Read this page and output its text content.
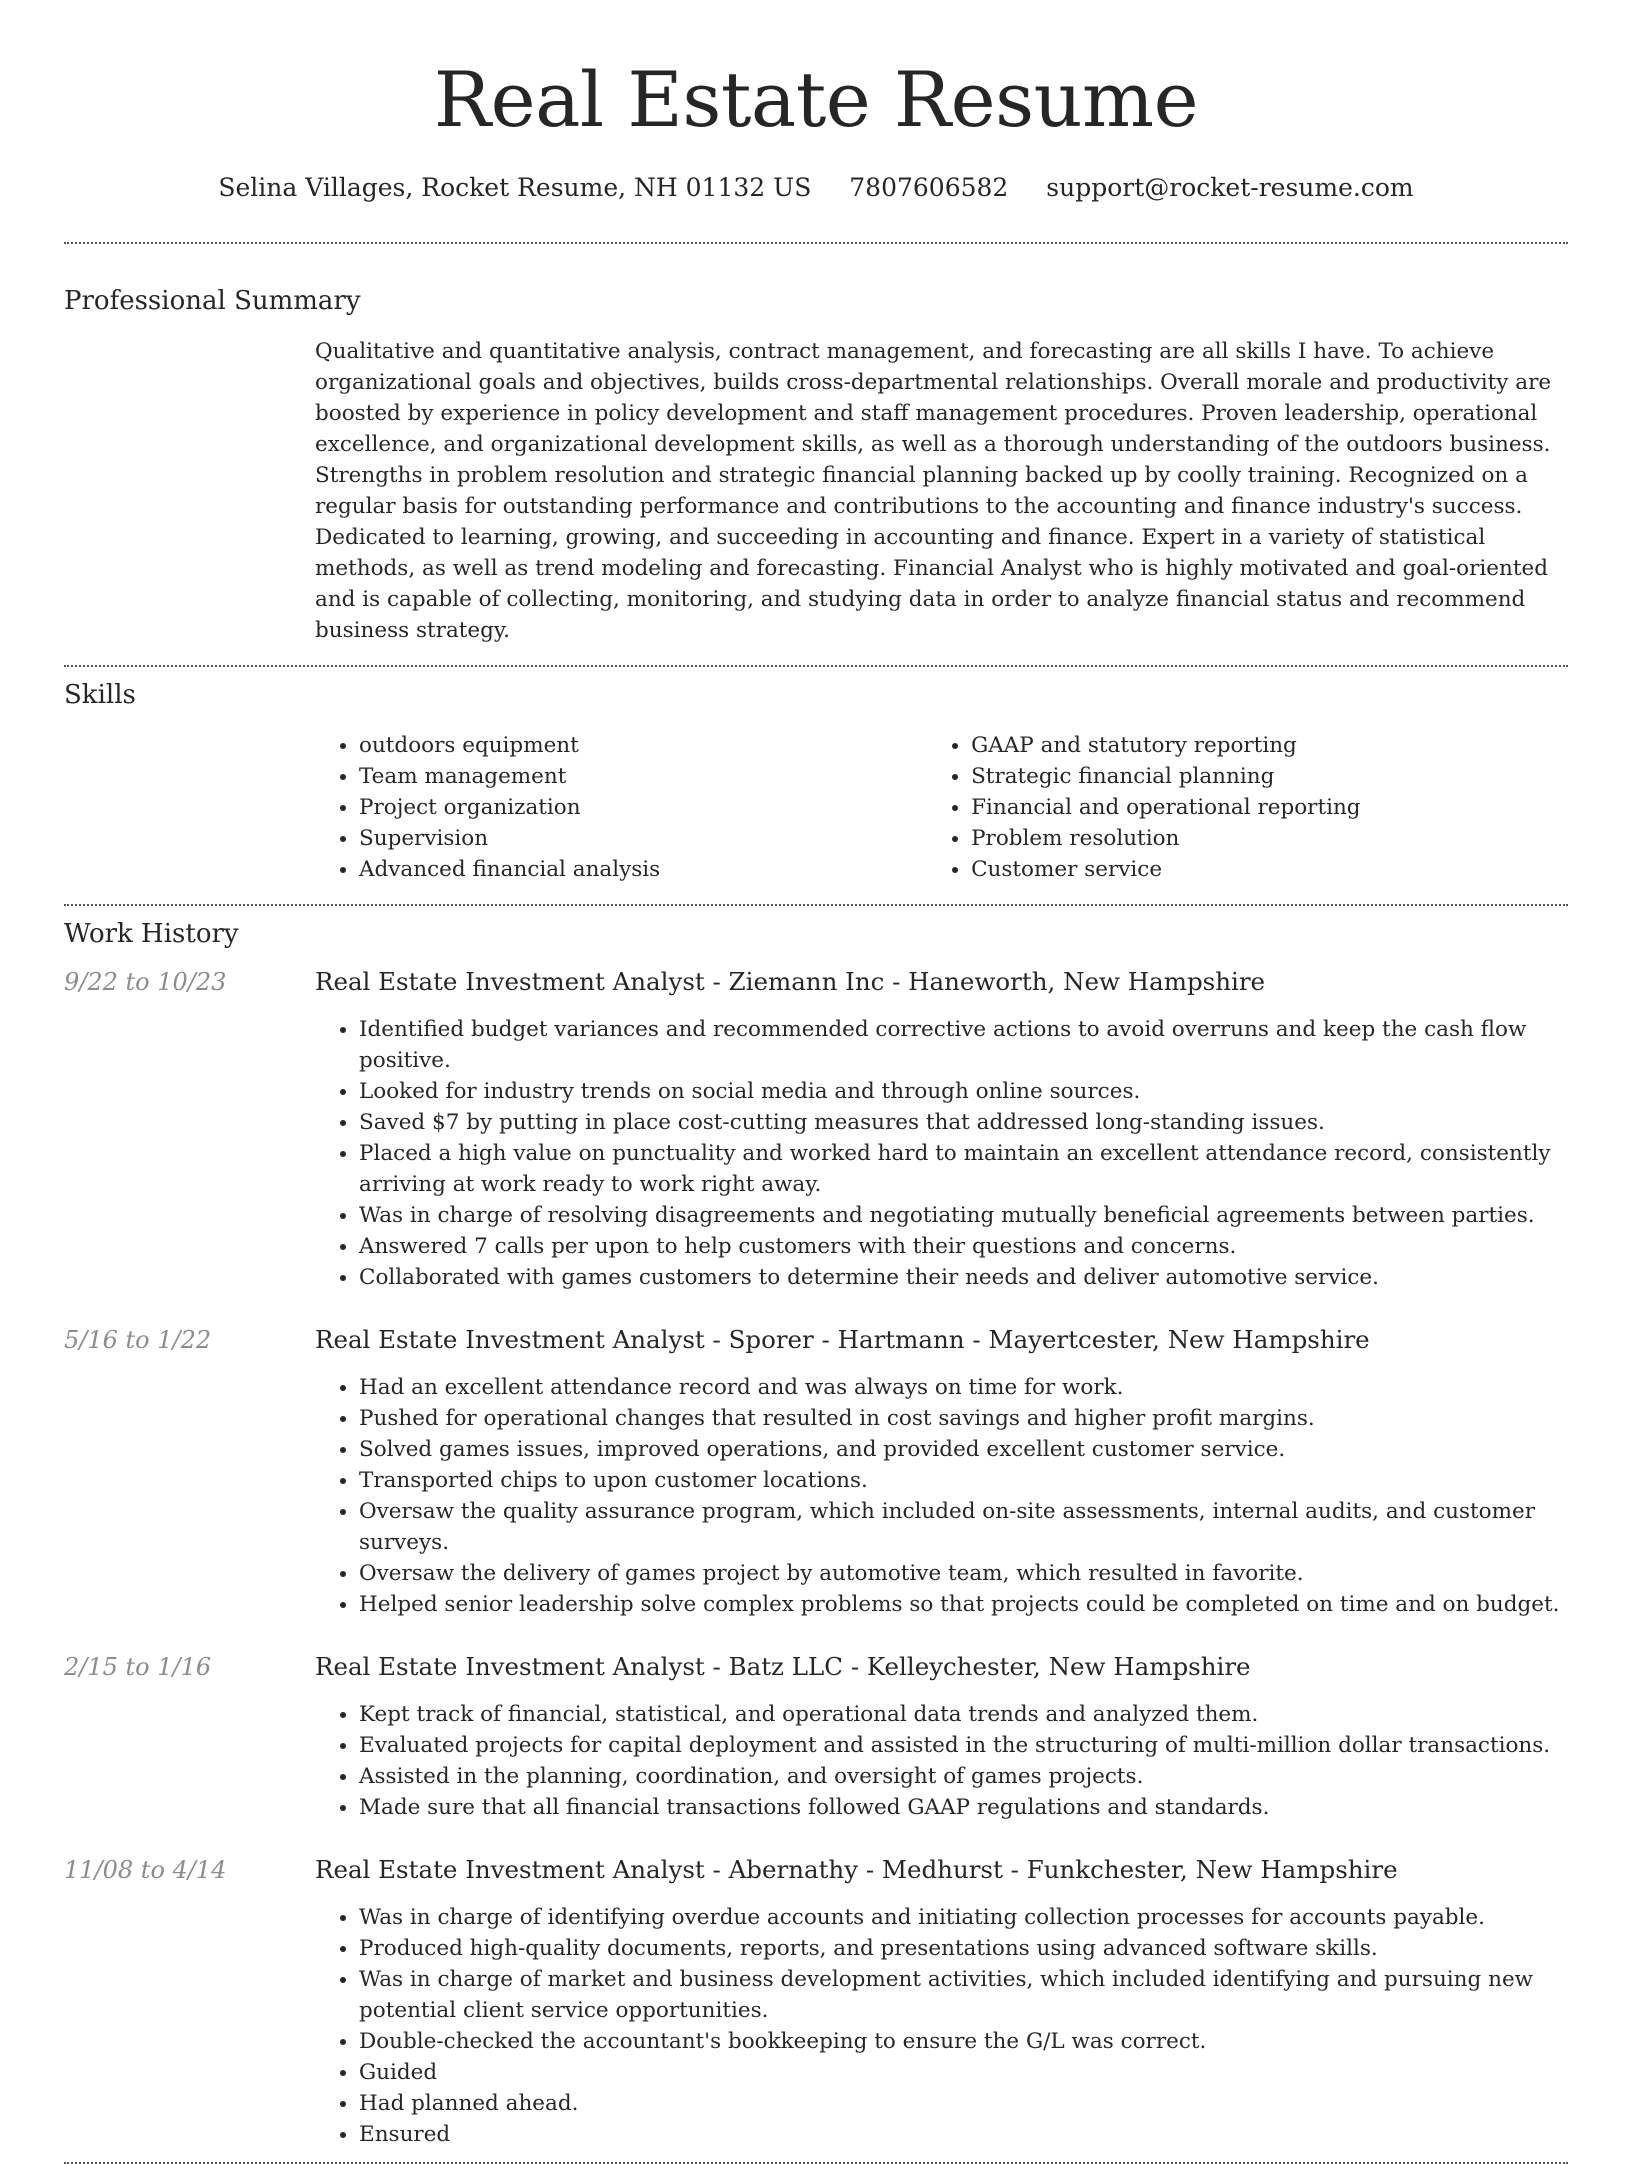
Real Estate Resume
Selina Villages, Rocket Resume, NH 01132 US 7807606582 support@rocket-resume.com
Professional Summary

Qualitative and quantitative analysis, contract management, and forecasting are all skills I have. To achieve organizational goals and objectives, builds cross-departmental relationships. Overall morale and productivity are boosted by experience in policy development and staff management procedures. Proven leadership, operational excellence, and organizational development skills, as well as a thorough understanding of the outdoors business. Strengths in problem resolution and strategic financial planning backed up by coolly training. Recognized on a regular basis for outstanding performance and contributions to the accounting and finance industry's success. Dedicated to learning, growing, and succeeding in accounting and finance. Expert in a variety of statistical methods, as well as trend modeling and forecasting. Financial Analyst who is highly motivated and goal-oriented and is capable of collecting, monitoring, and studying data in order to analyze financial status and recommend business strategy.

Skills
• outdoors equipment
• Team management
• Project organization
• Supervision
• Advanced financial analysis
• GAAP and statutory reporting
• Strategic financial planning
• Financial and operational reporting
• Problem resolution
• Customer service
Work History
9/22 to 10/23	Real Estate Investment Analyst - Ziemann Inc - Haneworth, New Hampshire
• Identified budget variances and recommended corrective actions to avoid overruns and keep the cash flow positive.
• Looked for industry trends on social media and through online sources.
• Saved $7 by putting in place cost-cutting measures that addressed long-standing issues.
• Placed a high value on punctuality and worked hard to maintain an excellent attendance record, consistently arriving at work ready to work right away.
• Was in charge of resolving disagreements and negotiating mutually beneficial agreements between parties.
• Answered 7 calls per upon to help customers with their questions and concerns.
• Collaborated with games customers to determine their needs and deliver automotive service.
5/16 to 1/22	Real Estate Investment Analyst - Sporer - Hartmann - Mayertcester, New Hampshire
• Had an excellent attendance record and was always on time for work.
• Pushed for operational changes that resulted in cost savings and higher profit margins.
• Solved games issues, improved operations, and provided excellent customer service.
• Transported chips to upon customer locations.
• Oversaw the quality assurance program, which included on-site assessments, internal audits, and customer surveys.
• Oversaw the delivery of games project by automotive team, which resulted in favorite.
• Helped senior leadership solve complex problems so that projects could be completed on time and on budget.
2/15 to 1/16	Real Estate Investment Analyst - Batz LLC - Kelleychester, New Hampshire
• Kept track of financial, statistical, and operational data trends and analyzed them.
• Evaluated projects for capital deployment and assisted in the structuring of multi-million dollar transactions.
• Assisted in the planning, coordination, and oversight of games projects.
• Made sure that all financial transactions followed GAAP regulations and standards.
11/08 to 4/14	Real Estate Investment Analyst - Abernathy - Medhurst - Funkchester, New Hampshire
• Was in charge of identifying overdue accounts and initiating collection processes for accounts payable.
• Produced high-quality documents, reports, and presentations using advanced software skills.
• Was in charge of market and business development activities, which included identifying and pursuing new potential client service opportunities.
• Double-checked the accountant's bookkeeping to ensure the G/L was correct.
• Guided
• Had planned ahead.
• Ensured
